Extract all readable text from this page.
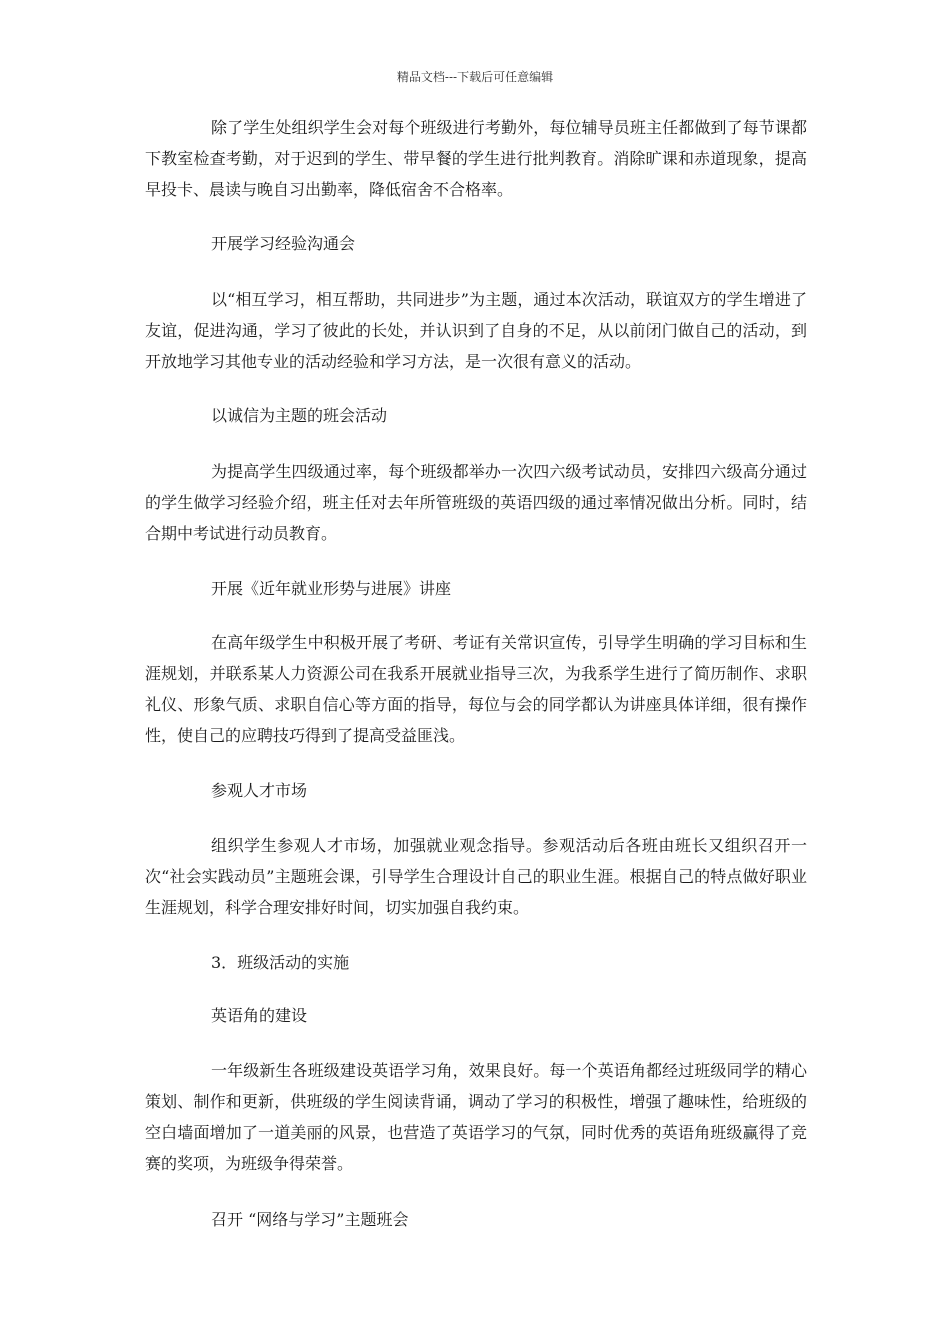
精品文档---下载后可任意编辑

除了学生处组织学生会对每个班级进行考勤外，每位辅导员班主任都做到了每节课都下教室检查考勤，对于迟到的学生、带早餐的学生进行批判教育。消除旷课和赤道现象，提高早投卡、晨读与晚自习出勤率，降低宿舍不合格率。

开展学习经验沟通会

以“相互学习，相互帮助，共同进步”为主题，通过本次活动，联谊双方的学生增进了友谊，促进沟通，学习了彼此的长处，并认识到了自身的不足，从以前闭门做自己的活动，到开放地学习其他专业的活动经验和学习方法，是一次很有意义的活动。

以诚信为主题的班会活动

为提高学生四级通过率，每个班级都举办一次四六级考试动员，安排四六级高分通过的学生做学习经验介绍，班主任对去年所管班级的英语四级的通过率情况做出分析。同时，结合期中考试进行动员教育。

开展《近年就业形势与进展》讲座

在高年级学生中积极开展了考研、考证有关常识宣传，引导学生明确的学习目标和生涯规划，并联系某人力资源公司在我系开展就业指导三次，为我系学生进行了简历制作、求职礼仪、形象气质、求职自信心等方面的指导，每位与会的同学都认为讲座具体详细，很有操作性，使自己的应聘技巧得到了提高受益匪浅。

参观人才市场

组织学生参观人才市场，加强就业观念指导。参观活动后各班由班长又组织召开一次“社会实践动员”主题班会课，引导学生合理设计自己的职业生涯。根据自己的特点做好职业生涯规划，科学合理安排好时间，切实加强自我约束。

3．班级活动的实施

英语角的建设

一年级新生各班级建设英语学习角，效果良好。每一个英语角都经过班级同学的精心策划、制作和更新，供班级的学生阅读背诵，调动了学习的积极性，增强了趣味性，给班级的空白墙面增加了一道美丽的风景，也营造了英语学习的气氛，同时优秀的英语角班级赢得了竞赛的奖项，为班级争得荣誉。

召开 “网络与学习”主题班会
